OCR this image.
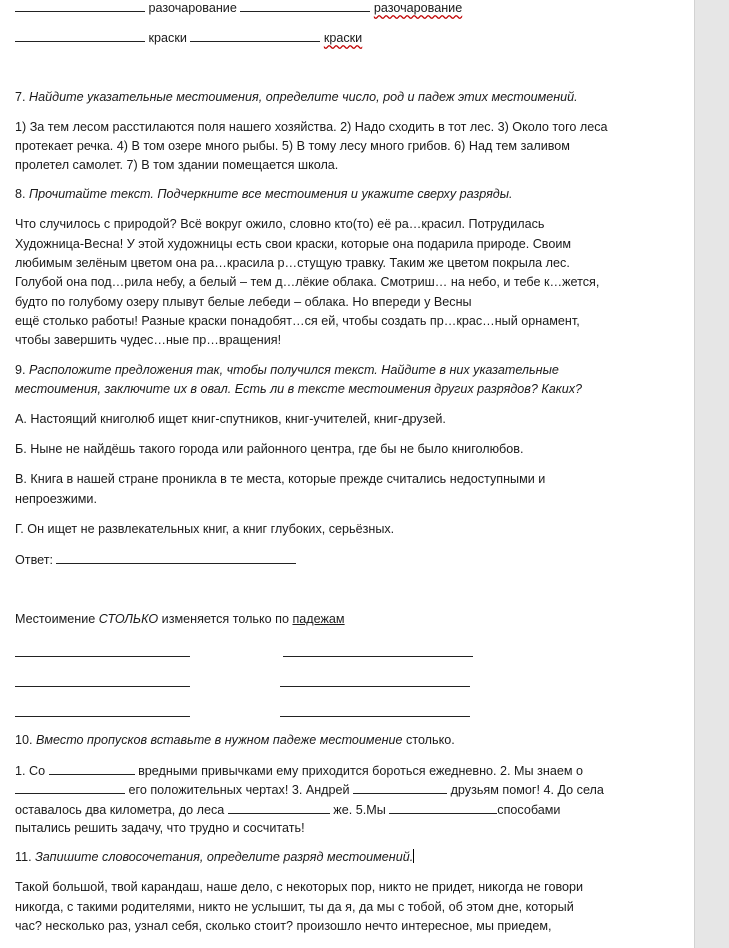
разочарование	разочарование
краски	краски
7. Найдите указательные местоимения, определите число, род и падеж этих местоимений.
1) За тем лесом расстилаются поля нашего хозяйства. 2) Надо сходить в тот лес. 3) Около того леса
протекает речка. 4) В том озере много рыбы. 5) В тому лесу много грибов. 6) Над тем заливом
пролетел самолет. 7) В том здании помещается школа.
8. Прочитайте текст. Подчеркните все местоимения и укажите сверху разряды.
Что случилось с природой? Всё вокруг ожило, словно кто(то) её ра…красил. Потрудилась
Художница-Весна! У этой художницы есть свои краски, которые она подарила природе. Своим
любимым зелёным цветом она ра…красила р…стущую травку. Таким же цветом покрыла лес.
Голубой она под…рила небу, а белый – тем д…лёкие облака. Смотриш… на небо, и тебе к…жется,
будто по голубому озеру плывут белые лебеди – облака. Но впереди у Весны
ещё столько работы! Разные краски понадобят…ся ей, чтобы создать пр…крас…ный орнамент,
чтобы завершить чудес…ные пр…вращения!
9. Расположите предложения так, чтобы получился текст. Найдите в них указательные
местоимения, заключите их в овал. Есть ли в тексте местоимения других разрядов? Каких?
А. Настоящий книголюб ищет книг-спутников, книг-учителей, книг-друзей.
Б. Ныне не найдёшь такого города или районного центра, где бы не было книголюбов.
В. Книга в нашей стране проникла в те места, которые прежде считались недоступными и
непроезжими.
Г. Он ищет не развлекательных книг, а книг глубоких, серьёзных.
Ответ:
Местоимение СТОЛЬКО изменяется только по падежам
10. Вместо пропусков вставьте в нужном падеже местоимение столько.
1. Со	вредными привычками ему приходится бороться ежедневно. 2. Мы знаем о
его положительных чертах! 3. Андрей	друзьям помог! 4. До села
оставалось два километра, до леса	же. 5.Мы	способами
пытались решить задачу, что трудно и сосчитать!
11. Запишите словосочетания, определите разряд местоимений.
Такой большой, твой карандаш, наше дело, с некоторых пор, никто не придет, никогда не говори
никогда, с такими родителями, никто не услышит, ты да я, да мы с тобой, об этом дне, который
час? несколько раз, узнал себя, сколько стоит? произошло нечто интересное, мы приедем,
